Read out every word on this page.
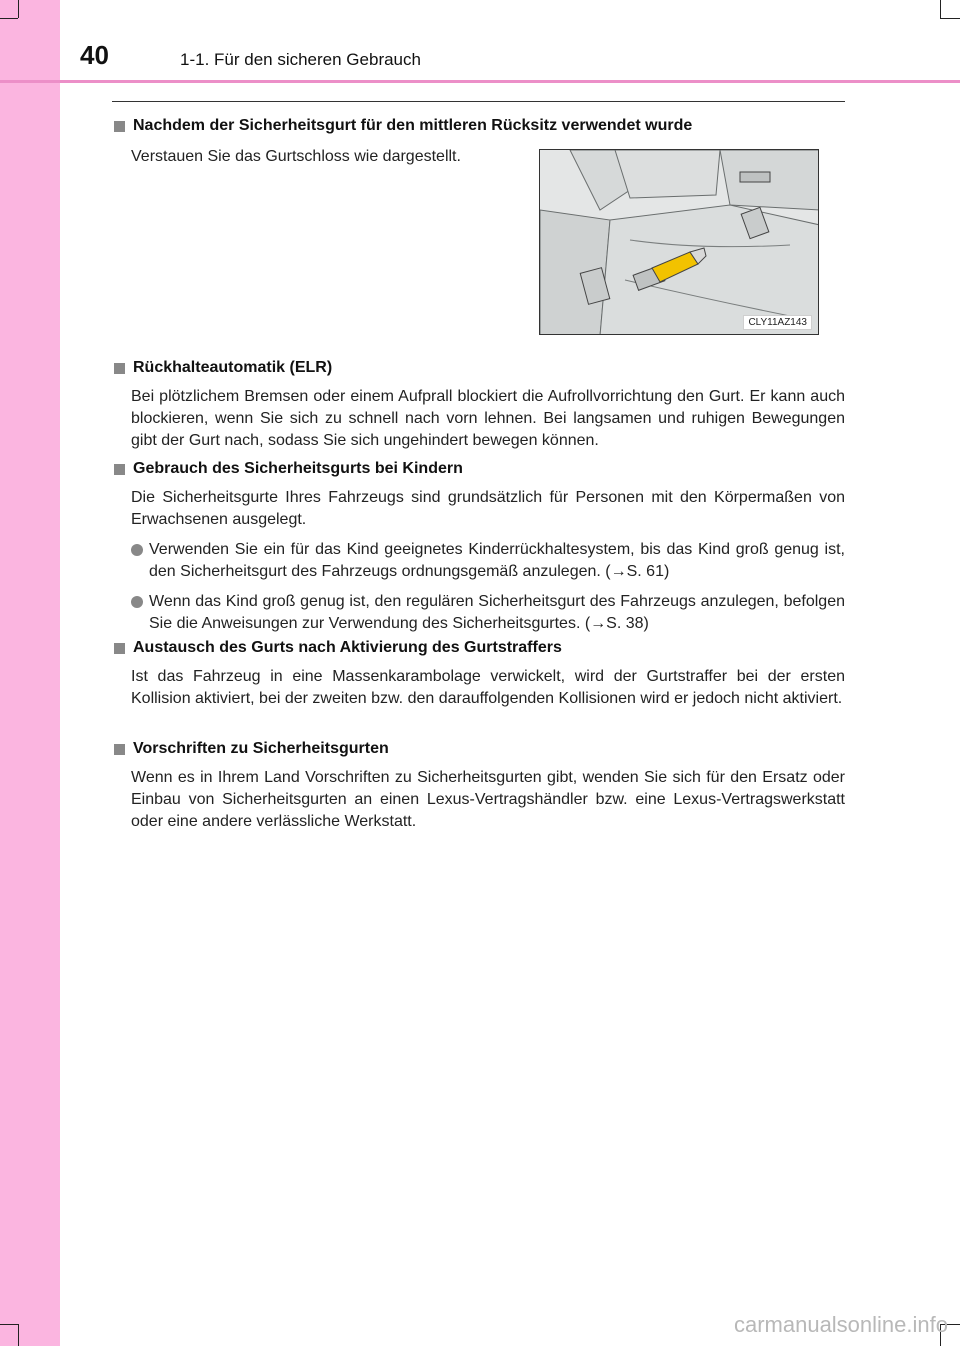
40	1-1. Für den sicheren Gebrauch
Nachdem der Sicherheitsgurt für den mittleren Rücksitz verwendet wurde
Verstauen Sie das Gurtschloss wie dargestellt.
CLY11AZ143
Rückhalteautomatik (ELR)
Bei plötzlichem Bremsen oder einem Aufprall blockiert die Aufrollvorrichtung den Gurt. Er kann auch blockieren, wenn Sie sich zu schnell nach vorn lehnen. Bei langsamen und ruhigen Bewegungen gibt der Gurt nach, sodass Sie sich ungehindert bewegen können.
Gebrauch des Sicherheitsgurts bei Kindern
Die Sicherheitsgurte Ihres Fahrzeugs sind grundsätzlich für Personen mit den Körpermaßen von Erwachsenen ausgelegt.
Verwenden Sie ein für das Kind geeignetes Kinderrückhaltesystem, bis das Kind groß genug ist, den Sicherheitsgurt des Fahrzeugs ordnungsgemäß anzulegen. (→S. 61)
Wenn das Kind groß genug ist, den regulären Sicherheitsgurt des Fahrzeugs anzulegen, befolgen Sie die Anweisungen zur Verwendung des Sicherheitsgurtes. (→S. 38)
Austausch des Gurts nach Aktivierung des Gurtstraffers
Ist das Fahrzeug in eine Massenkarambolage verwickelt, wird der Gurtstraffer bei der ersten Kollision aktiviert, bei der zweiten bzw. den darauffolgenden Kollisionen wird er jedoch nicht aktiviert.
Vorschriften zu Sicherheitsgurten
Wenn es in Ihrem Land Vorschriften zu Sicherheitsgurten gibt, wenden Sie sich für den Ersatz oder Einbau von Sicherheitsgurten an einen Lexus-Vertragshändler bzw. eine Lexus-Vertragswerkstatt oder eine andere verlässliche Werkstatt.
carmanualsonline.info
